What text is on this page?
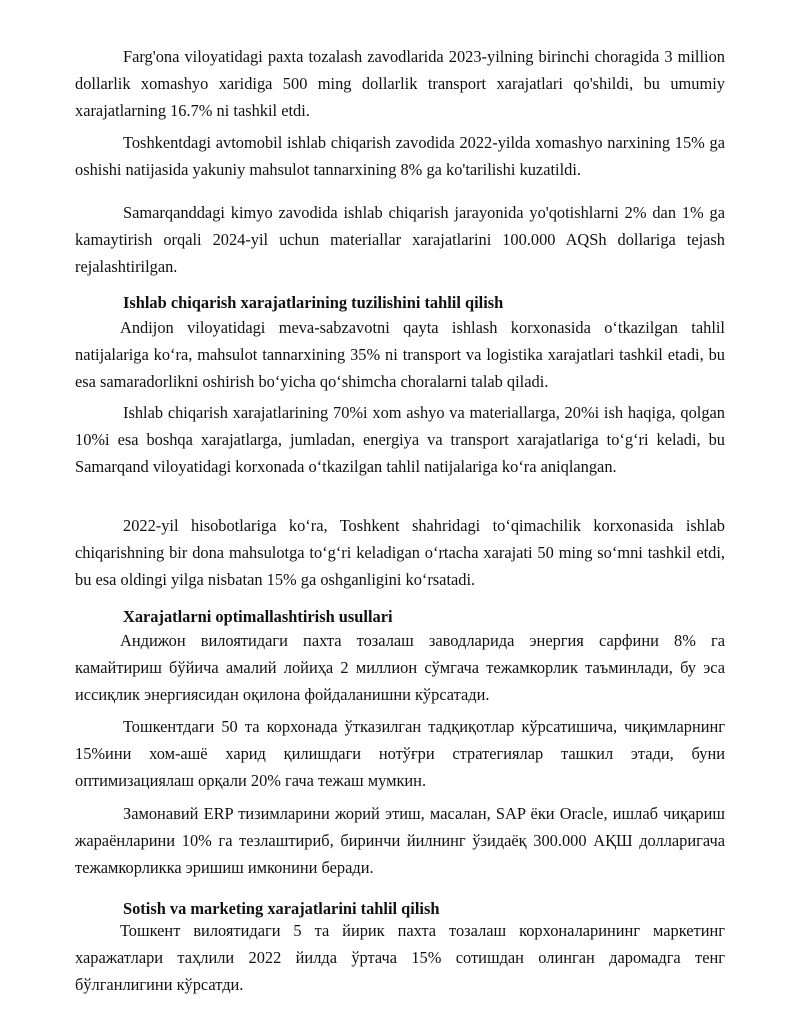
Farg'ona viloyatidagi paxta tozalash zavodlarida 2023-yilning birinchi choragida 3 million dollarlik xomashyo xaridiga 500 ming dollarlik transport xarajatlari qo'shildi, bu umumiy xarajatlarning 16.7% ni tashkil etdi.

Toshkentdagi avtomobil ishlab chiqarish zavodida 2022-yilda xomashyo narxining 15% ga oshishi natijasida yakuniy mahsulot tannarxining 8% ga ko'tarilishi kuzatildi.

Samarqanddagi kimyo zavodida ishlab chiqarish jarayonida yo'qotishlarni 2% dan 1% ga kamaytirish orqali 2024-yil uchun materiallar xarajatlarini 100.000 AQSh dollariga tejash rejalashtirilgan.

Ishlab chiqarish xarajatlarining tuzilishini tahlil qilish

Andijon viloyatidagi meva-sabzavotni qayta ishlash korxonasida oʻtkazilgan tahlil natijalariga koʻra, mahsulot tannarxining 35% ni transport va logistika xarajatlari tashkil etadi, bu esa samaradorlikni oshirish boʻyicha qoʻshimcha choralarni talab qiladi.

Ishlab chiqarish xarajatlarining 70%i xom ashyo va materiallarga, 20%i ish haqiga, qolgan 10%i esa boshqa xarajatlarga, jumladan, energiya va transport xarajatlariga toʻgʻri keladi, bu Samarqand viloyatidagi korxonada oʻtkazilgan tahlil natijalariga koʻra aniqlangan.

2022-yil hisobotlariga koʻra, Toshkent shahridagi toʻqimachilik korxonasida ishlab chiqarishning bir dona mahsulotga toʻgʻri keladigan oʻrtacha xarajati 50 ming soʻmni tashkil etdi, bu esa oldingi yilga nisbatan 15% ga oshganligini koʻrsatadi.

Xarajatlarni optimallashtirish usullari

Андижон вилоятидаги пахта тозалаш заводларида энергия сарфини 8% га камайтириш бўйича амалий лойиҳа 2 миллион сўмгача тежамкорлик таъминлади, бу эса иссиқлик энергиясидан оқилона фойдаланишни кўрсатади.

Тошкентдаги 50 та корхонада ўтказилган тадқиқотлар кўрсатишича, чиқимларнинг 15%ини хом-ашё харид қилишдаги нотўғри стратегиялар ташкил этади, буни оптимизациялаш орқали 20% гача тежаш мумкин.

Замонавий ERP тизимларини жорий этиш, масалан, SAP ёки Oracle, ишлаб чиқариш жараёнларини 10% га тезлаштириб, биринчи йилнинг ўзидаёқ 300.000 АҚШ долларигача тежамкорликка эришиш имконини беради.

Sotish va marketing xarajatlarini tahlil qilish

Тошкент вилоятидаги 5 та йирик пахта тозалаш корхоналарининг маркетинг харажатлари таҳлили 2022 йилда ўртача 15% сотишдан олинган даромадга тенг бўлганлигини кўрсатди.
